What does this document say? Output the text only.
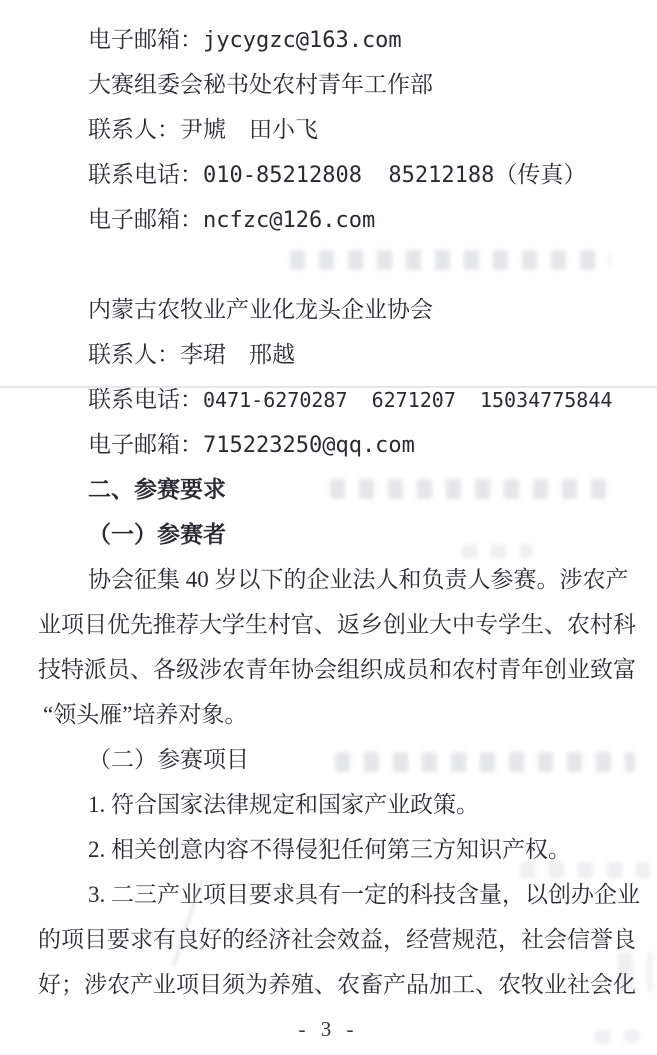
电子邮箱：jycygzc@163.com
大赛组委会秘书处农村青年工作部
联系人：尹虓　田小飞
联系电话：010-85212808  85212188（传真）
电子邮箱：ncfzc@126.com
内蒙古农牧业产业化龙头企业协会
联系人：李珺　邢越
联系电话：0471-6270287  6271207  15034775844
电子邮箱：715223250@qq.com
二、参赛要求
（一）参赛者
协会征集 40 岁以下的企业法人和负责人参赛。涉农产
业项目优先推荐大学生村官、返乡创业大中专学生、农村科
技特派员、各级涉农青年协会组织成员和农村青年创业致富
“领头雁”培养对象。
（二）参赛项目
1. 符合国家法律规定和国家产业政策。
2. 相关创意内容不得侵犯任何第三方知识产权。
3. 二三产业项目要求具有一定的科技含量，以创办企业
的项目要求有良好的经济社会效益，经营规范，社会信誉良
好；涉农产业项目须为养殖、农畜产品加工、农牧业社会化
- 3 -
